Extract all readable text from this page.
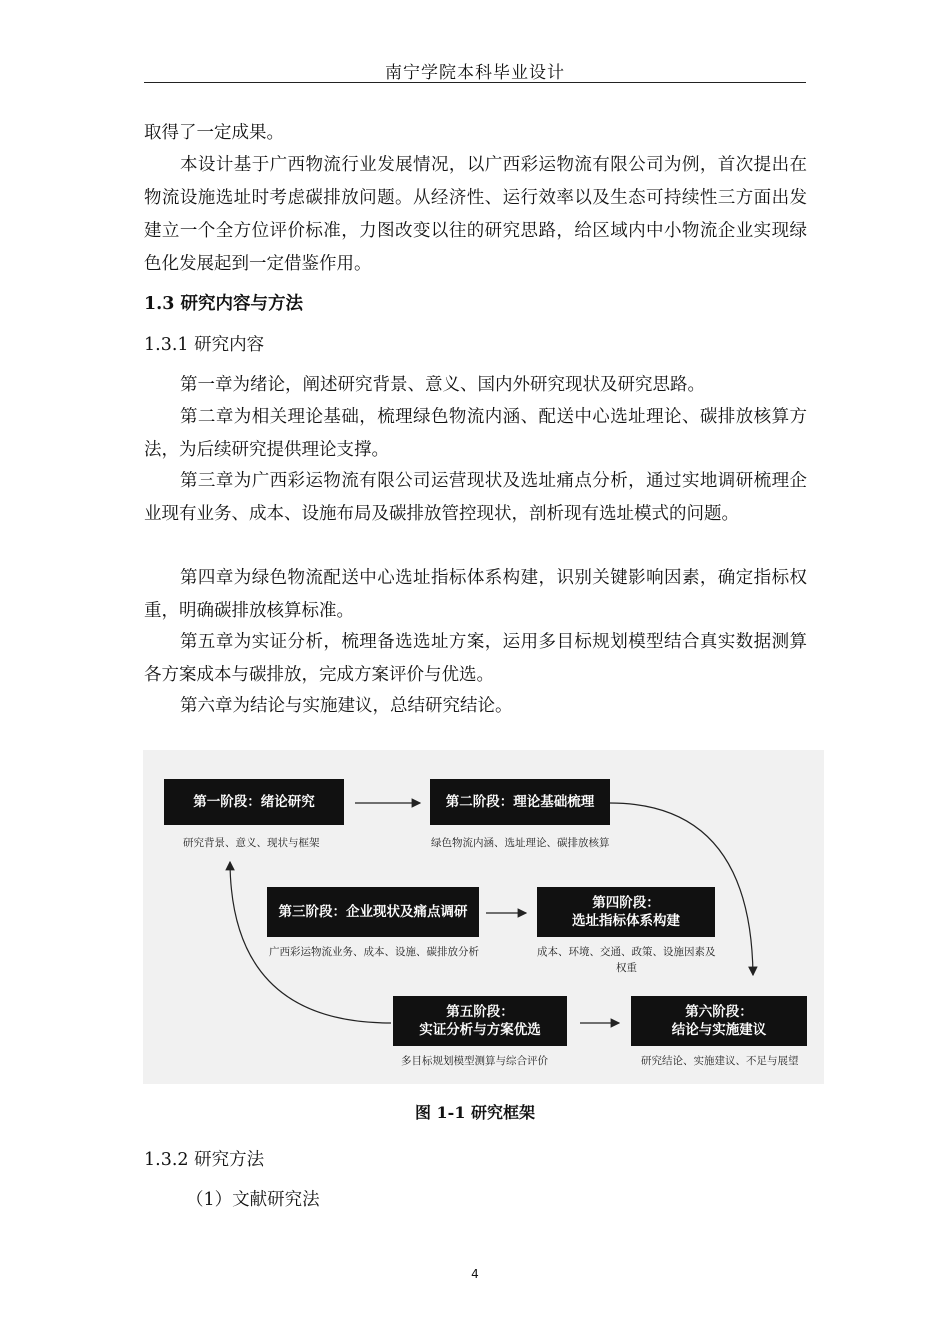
南宁学院本科毕业设计

取得了一定成果。

本设计基于广西物流行业发展情况，以广西彩运物流有限公司为例，首次提出在物流设施选址时考虑碳排放问题。从经济性、运行效率以及生态可持续性三方面出发建立一个全方位评价标准，力图改变以往的研究思路，给区域内中小物流企业实现绿色化发展起到一定借鉴作用。

1.3 研究内容与方法

1.3.1 研究内容

第一章为绪论，阐述研究背景、意义、国内外研究现状及研究思路。

第二章为相关理论基础，梳理绿色物流内涵、配送中心选址理论、碳排放核算方法，为后续研究提供理论支撑。

第三章为广西彩运物流有限公司运营现状及选址痛点分析，通过实地调研梳理企业现有业务、成本、设施布局及碳排放管控现状，剖析现有选址模式的问题。

第四章为绿色物流配送中心选址指标体系构建，识别关键影响因素，确定指标权重，明确碳排放核算标准。

第五章为实证分析，梳理备选选址方案，运用多目标规划模型结合真实数据测算各方案成本与碳排放，完成方案评价与优选。

第六章为结论与实施建议，总结研究结论。

第一阶段：绪论研究
研究背景、意义、现状与框架
第二阶段：理论基础梳理
绿色物流内涵、选址理论、碳排放核算
第三阶段：企业现状及痛点调研
广西彩运物流业务、成本、设施、碳排放分析
第四阶段：
选址指标体系构建
成本、环境、交通、政策、设施因素及
权重
第五阶段：
实证分析与方案优选
多目标规划模型测算与综合评价
第六阶段：
结论与实施建议
研究结论、实施建议、不足与展望
图 1-1 研究框架

1.3.2 研究方法

（1）文献研究法

4
